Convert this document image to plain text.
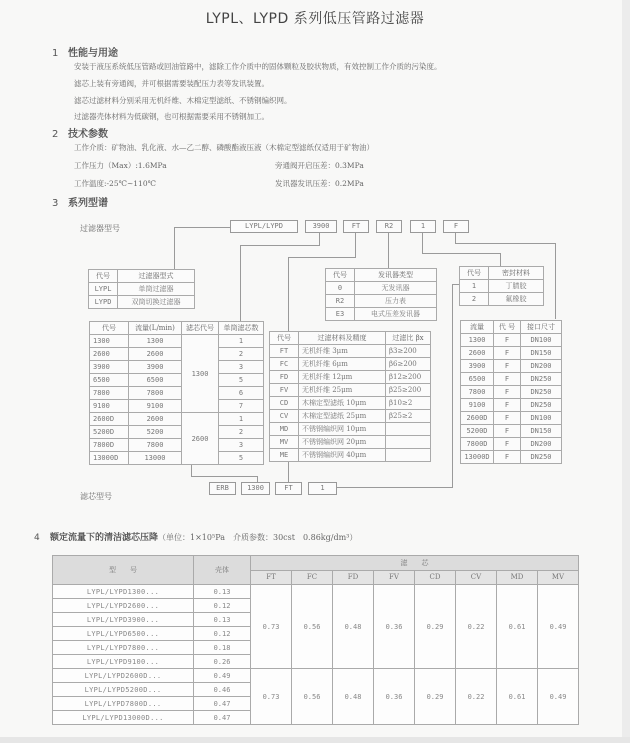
LYPL、LYPD 系列低压管路过滤器
1 性能与用途
安装于液压系统低压管路或回油管路中，滤除工作介质中的固体颗粒及胶状物质，有效控制工作介质的污染度。
滤芯上装有旁通阀，并可根据需要装配压力表等发讯装置。
滤芯过滤材料分别采用无机纤维、木棉定型滤纸、不锈钢编织网。
过滤器壳体材料为低碳钢，也可根据需要采用不锈钢加工。
2 技术参数
工作介质：矿物油、乳化液、水—乙二醇、磷酸酯液压液（木棉定型滤纸仅适用于矿物油）
工作压力（Max）:1.6MPa	旁通阀开启压差：0.3MPa
工作温度:-25℃~110℃	发讯器发讯压差：0.2MPa
3 系列型谱
过滤器型号	LYPL/LYPD	3900	FT	R2	1	F
代号	过滤器型式
LYPL	单筒过滤器
LYPD	双筒切换过滤器
代号	发讯器类型
0	无发讯器
R2	压力表
E3	电式压差发讯器
代号	密封材料
1	丁腈胶
2	氟橡胶
代号	流量(L/min)	滤芯代号	单筒滤芯数
1300	1300	1300	1
2600	2600		2
3900	3900		3
6500	6500		5
7800	7800		6
9100	9100		7
2600D	2600	2600	1
5200D	5200		2
7800D	7800		3
13000D	13000		5
代号	过滤材料及精度	过滤比 βx
FT	无机纤维 3μm	β3≥200
FC	无机纤维 6μm	β6≥200
FD	无机纤维 12μm	β12≥200
FV	无机纤维 25μm	β25≥200
CD	木棉定型滤纸 10μm	β10≥2
CV	木棉定型滤纸 25μm	β25≥2
MD	不锈钢编织网 10μm	
MV	不锈钢编织网 20μm	
ME	不锈钢编织网 40μm	
流量	代 号	接口尺寸
1300	F	DN100
2600	F	DN150
3900	F	DN200
6500	F	DN250
7800	F	DN250
9100	F	DN250
2600D	F	DN100
5200D	F	DN150
7800D	F	DN200
13000D	F	DN250
滤芯型号
ERB	1300	FT	1
4 额定流量下的清洁滤芯压降（单位：1×10⁵Pa　介质参数：30cst　0.86kg/dm³）
型　　号	壳体	滤　　芯							
		FT	FC	FD	FV	CD	CV	MD	MV
LYPL/LYPD1300...	0.13	0.73	0.56	0.48	0.36	0.29	0.22	0.61	0.49
LYPL/LYPD2600...	0.12								
LYPL/LYPD3900...	0.13								
LYPL/LYPD6500...	0.12								
LYPL/LYPD7800...	0.18								
LYPL/LYPD9100...	0.26								
LYPL/LYPD2600D...	0.49	0.73	0.56	0.48	0.36	0.29	0.22	0.61	0.49
LYPL/LYPD5200D...	0.46								
LYPL/LYPD7800D...	0.47								
LYPL/LYPD13000D...	0.47								
